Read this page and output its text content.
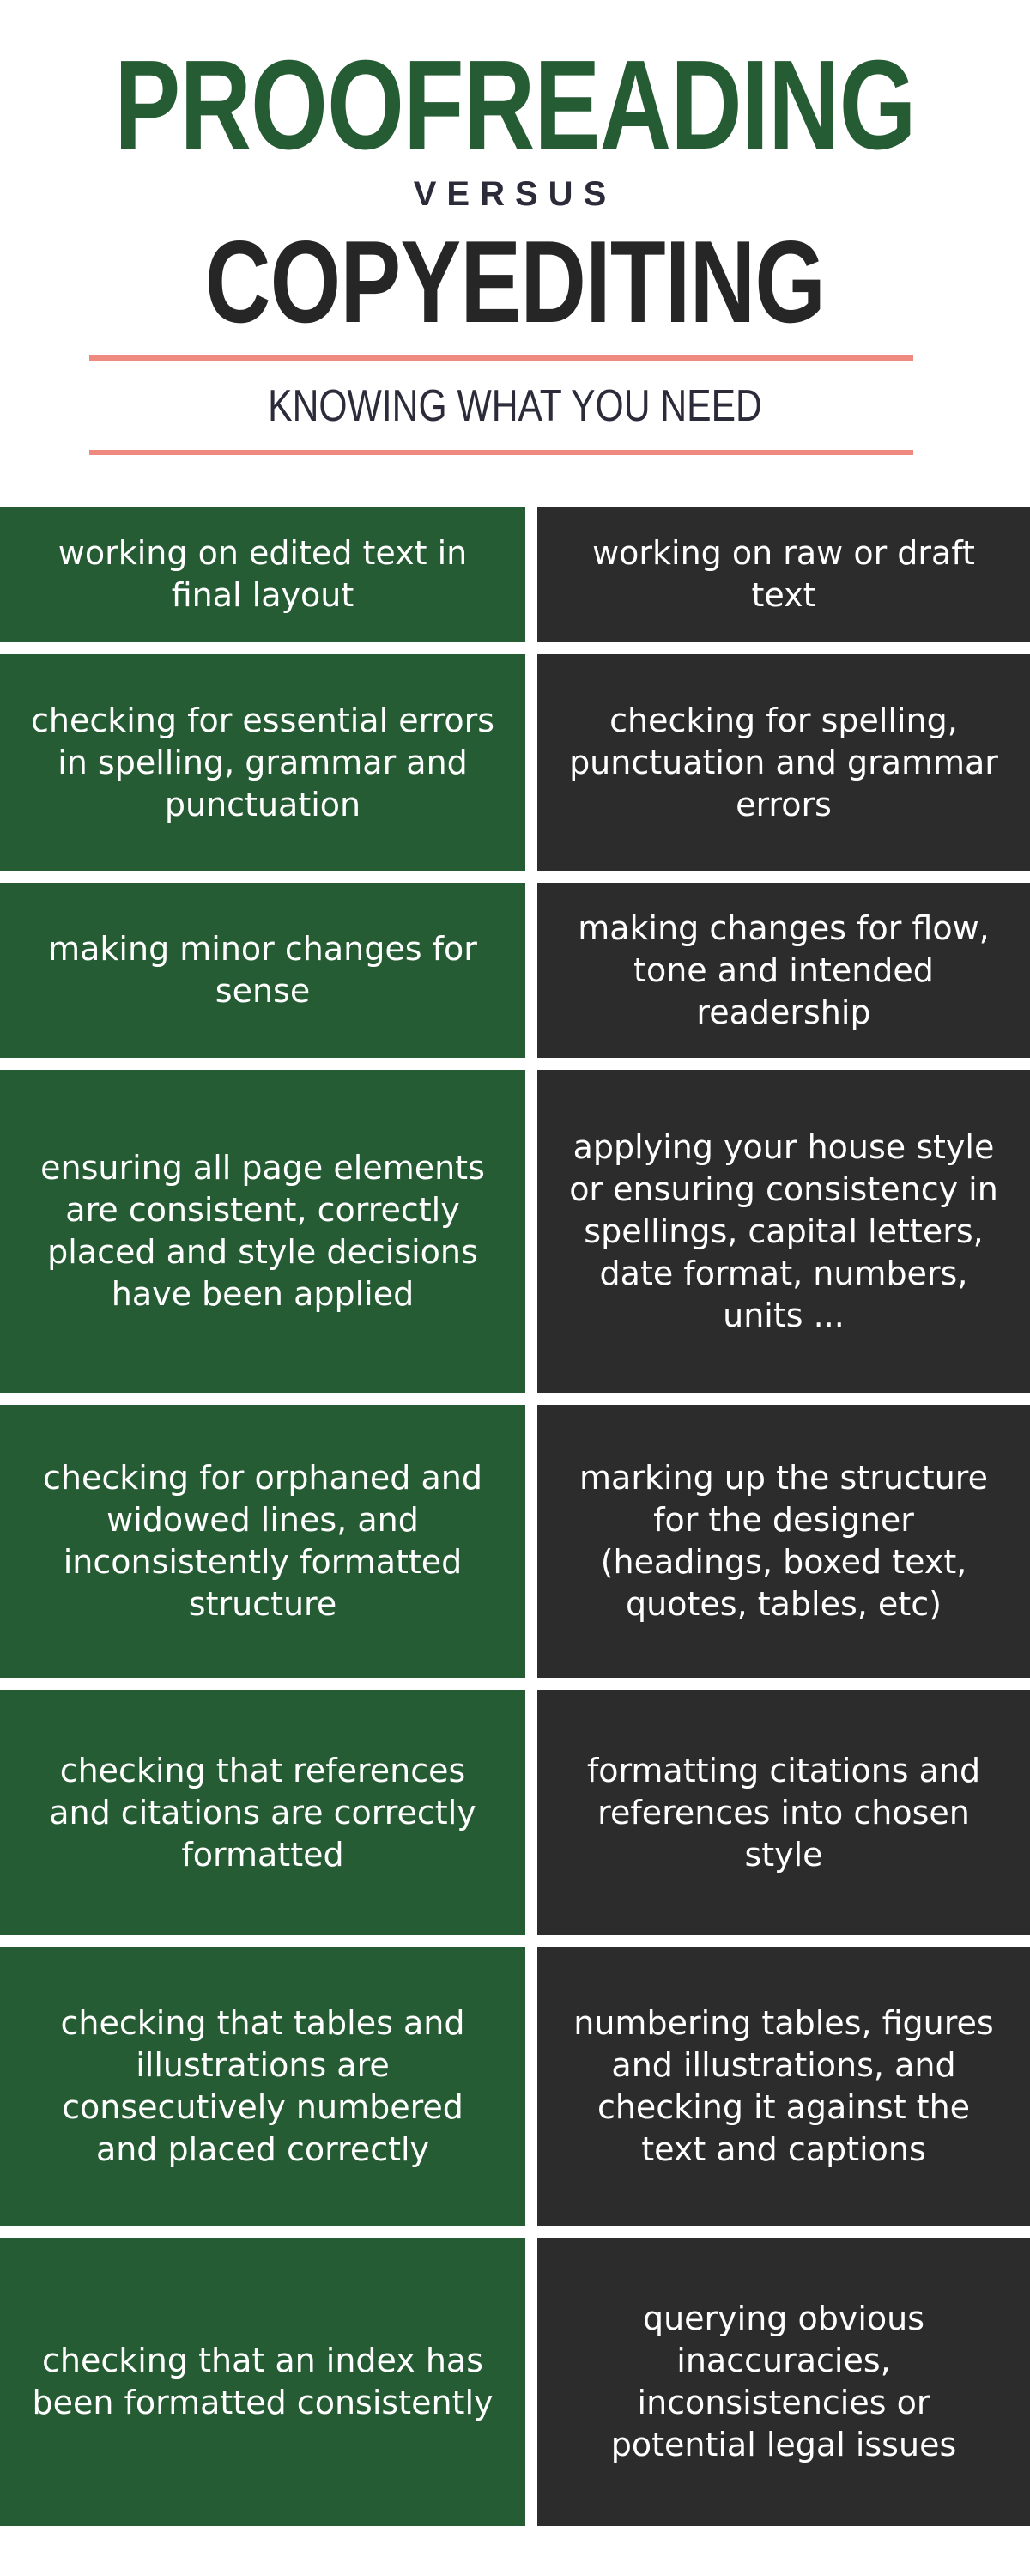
PROOFREADING
VERSUS
COPYEDITING
KNOWING WHAT YOU NEED
working on edited text in final layout
working on raw or draft text
checking for essential errors in spelling, grammar and punctuation
checking for spelling, punctuation and grammar errors
making minor changes for sense
making changes for flow, tone and intended readership
ensuring all page elements are consistent, correctly placed and style decisions have been applied
applying your house style or ensuring consistency in spellings, capital letters, date format, numbers, units ...
checking for orphaned and widowed lines, and inconsistently formatted structure
marking up the structure for the designer (headings, boxed text, quotes, tables, etc)
checking that references and citations are correctly formatted
formatting citations and references into chosen style
checking that tables and illustrations are consecutively numbered and placed correctly
numbering tables, figures and illustrations, and checking it against the text and captions
checking that an index has been formatted consistently
querying obvious inaccuracies, inconsistencies or potential legal issues
